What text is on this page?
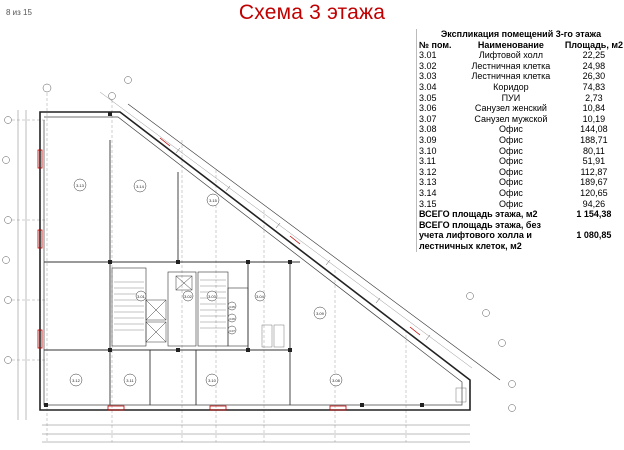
8 из 15	Схема 3 этажа
3.13	3.14
3.15
3.09
3.12	3.11	3.10	3.08
3.01	3.02	3.03	3.04
3.05
3.06
3.07
Экспликация помещений 3-го этажа		
№ пом.	Наименование	Площадь, м2
3.01	Лифтовой холл	22,25
3.02	Лестничная клетка	24,98
3.03	Лестничная клетка	26,30
3.04	Коридор	74,83
3.05	ПУИ	2,73
3.06	Санузел женский	10,84
3.07	Санузел мужской	10,19
3.08	Офис	144,08
3.09	Офис	188,71
3.10	Офис	80,11
3.11	Офис	51,91
3.12	Офис	112,87
3.13	Офис	189,67
3.14	Офис	120,65
3.15	Офис	94,26
ВСЕГО площадь этажа, м2		1 154,38
ВСЕГО площадь этажа, без учета лифтового холла и лестничных клеток, м2		1 080,85
